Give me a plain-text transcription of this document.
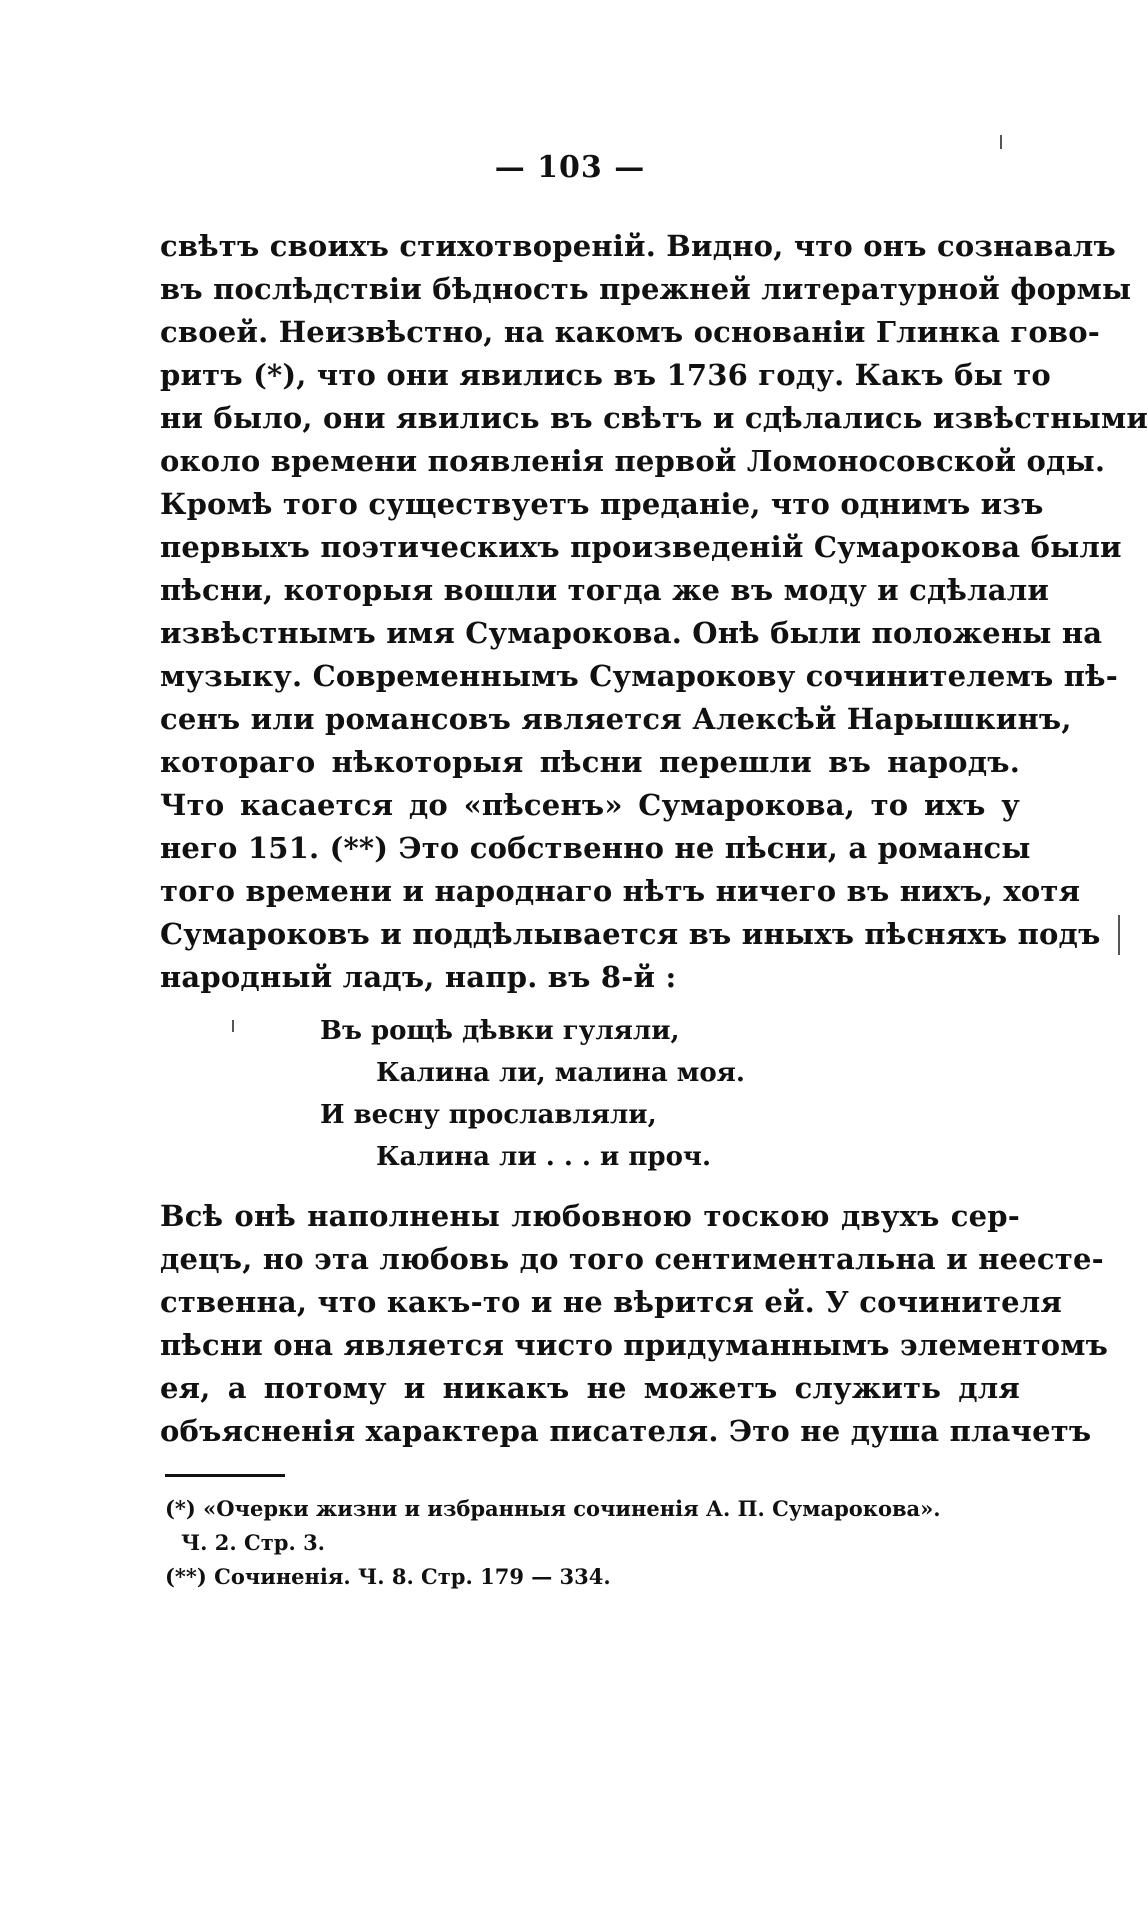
— 103 —
свѣтъ своихъ стихотвореній. Видно, что онъ сознавалъ
въ послѣдствіи бѣдность прежней литературной формы
своей. Неизвѣстно, на какомъ основаніи Глинка гово-
ритъ (*), что они явились въ 1736 году. Какъ бы то
ни было, они явились въ свѣтъ и сдѣлались извѣстными
около времени появленія первой Ломоносовской оды.
Кромѣ того существуетъ преданіе, что однимъ изъ
первыхъ поэтическихъ произведеній Сумарокова были
пѣсни, которыя вошли тогда же въ моду и сдѣлали
извѣстнымъ имя Сумарокова. Онѣ были положены на
музыку. Современнымъ Сумарокову сочинителемъ пѣ-
сенъ или романсовъ является Алексѣй Нарышкинъ,
котораго нѣкоторыя пѣсни перешли въ народъ.
Что касается до «пѣсенъ» Сумарокова, то ихъ у
него 151. (**) Это собственно не пѣсни, а романсы
того времени и народнаго нѣтъ ничего въ нихъ, хотя
Сумароковъ и поддѣлывается въ иныхъ пѣсняхъ подъ
народный ладъ, напр. въ 8-й :
Въ рощѣ дѣвки гуляли,
Калина ли, малина моя.
И весну прославляли,
Калина ли . . . и проч.
Всѣ онѣ наполнены любовною тоскою двухъ сер-
децъ, но эта любовь до того сентиментальна и неесте-
ственна, что какъ-то и не вѣрится ей. У сочинителя
пѣсни она является чисто придуманнымъ элементомъ
ея, а потому и никакъ не можетъ служить для
объясненія характера писателя. Это не душа плачетъ
(*) «Очерки жизни и избранныя сочиненія А. П. Сумарокова».
Ч. 2. Стр. 3.
(**) Сочиненія. Ч. 8. Стр. 179 — 334.
